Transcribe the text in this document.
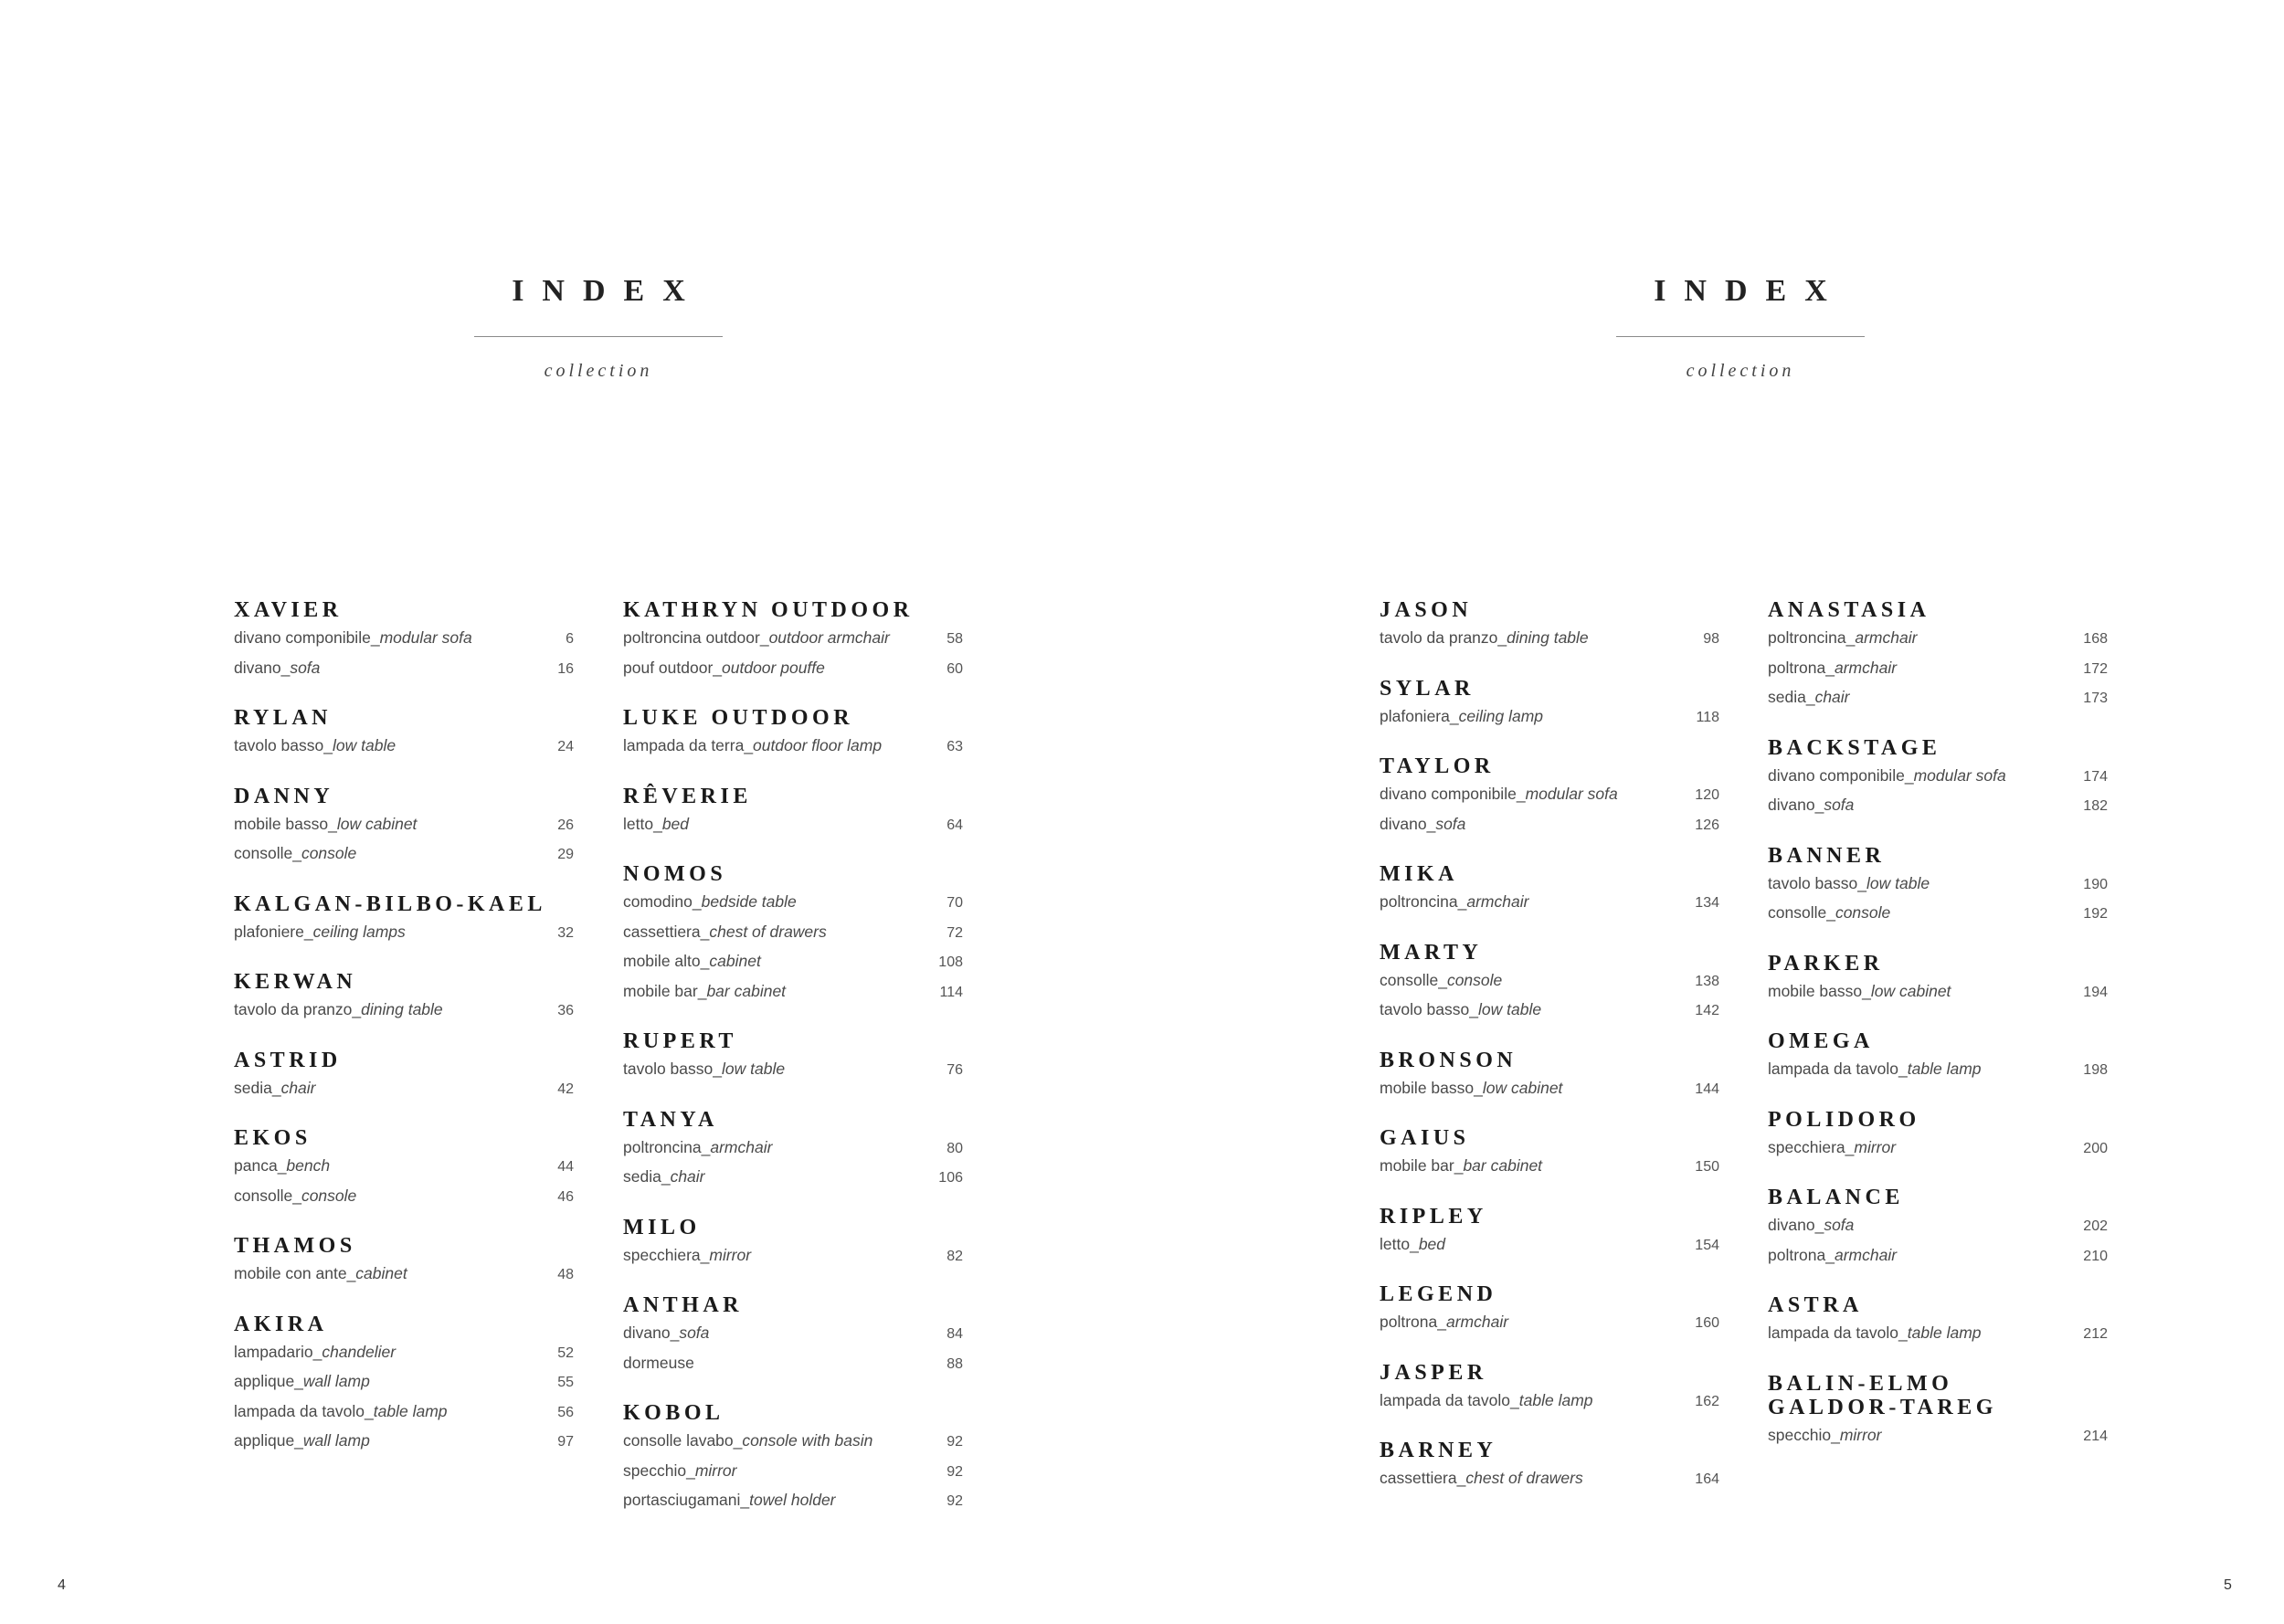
INDEX
collection
XAVIER
divano componibile_modular sofa	6
divano_sofa	16
RYLAN
tavolo basso_low table	24
DANNY
mobile basso_low cabinet	26
consolle_console	29
KALGAN-BILBO-KAEL
plafoniere_ceiling lamps	32
KERWAN
tavolo da pranzo_dining table	36
ASTRID
sedia_chair	42
EKOS
panca_bench	44
consolle_console	46
THAMOS
mobile con ante_cabinet	48
AKIRA
lampadario_chandelier	52
applique_wall lamp	55
lampada da tavolo_table lamp	56
applique_wall lamp	97
KATHRYN OUTDOOR
poltroncina outdoor_outdoor armchair	58
pouf outdoor_outdoor pouffe	60
LUKE OUTDOOR
lampada da terra_outdoor floor lamp	63
RÊVERIE
letto_bed	64
NOMOS
comodino_bedside table	70
cassettiera_chest of drawers	72
mobile alto_cabinet	108
mobile bar_bar cabinet	114
RUPERT
tavolo basso_low table	76
TANYA
poltroncina_armchair	80
sedia_chair	106
MILO
specchiera_mirror	82
ANTHAR
divano_sofa	84
dormeuse	88
KOBOL
consolle lavabo_console with basin	92
specchio_mirror	92
portasciugamani_towel holder	92
4
INDEX
collection
JASON
tavolo da pranzo_dining table	98
SYLAR
plafoniera_ceiling lamp	118
TAYLOR
divano componibile_modular sofa	120
divano_sofa	126
MIKA
poltroncina_armchair	134
MARTY
consolle_console	138
tavolo basso_low table	142
BRONSON
mobile basso_low cabinet	144
GAIUS
mobile bar_bar cabinet	150
RIPLEY
letto_bed	154
LEGEND
poltrona_armchair	160
JASPER
lampada da tavolo_table lamp	162
BARNEY
cassettiera_chest of drawers	164
ANASTASIA
poltroncina_armchair	168
poltrona_armchair	172
sedia_chair	173
BACKSTAGE
divano componibile_modular sofa	174
divano_sofa	182
BANNER
tavolo basso_low table	190
consolle_console	192
PARKER
mobile basso_low cabinet	194
OMEGA
lampada da tavolo_table lamp	198
POLIDORO
specchiera_mirror	200
BALANCE
divano_sofa	202
poltrona_armchair	210
ASTRA
lampada da tavolo_table lamp	212
BALIN-ELMO
GALDOR-TAREG
specchio_mirror	214
5
